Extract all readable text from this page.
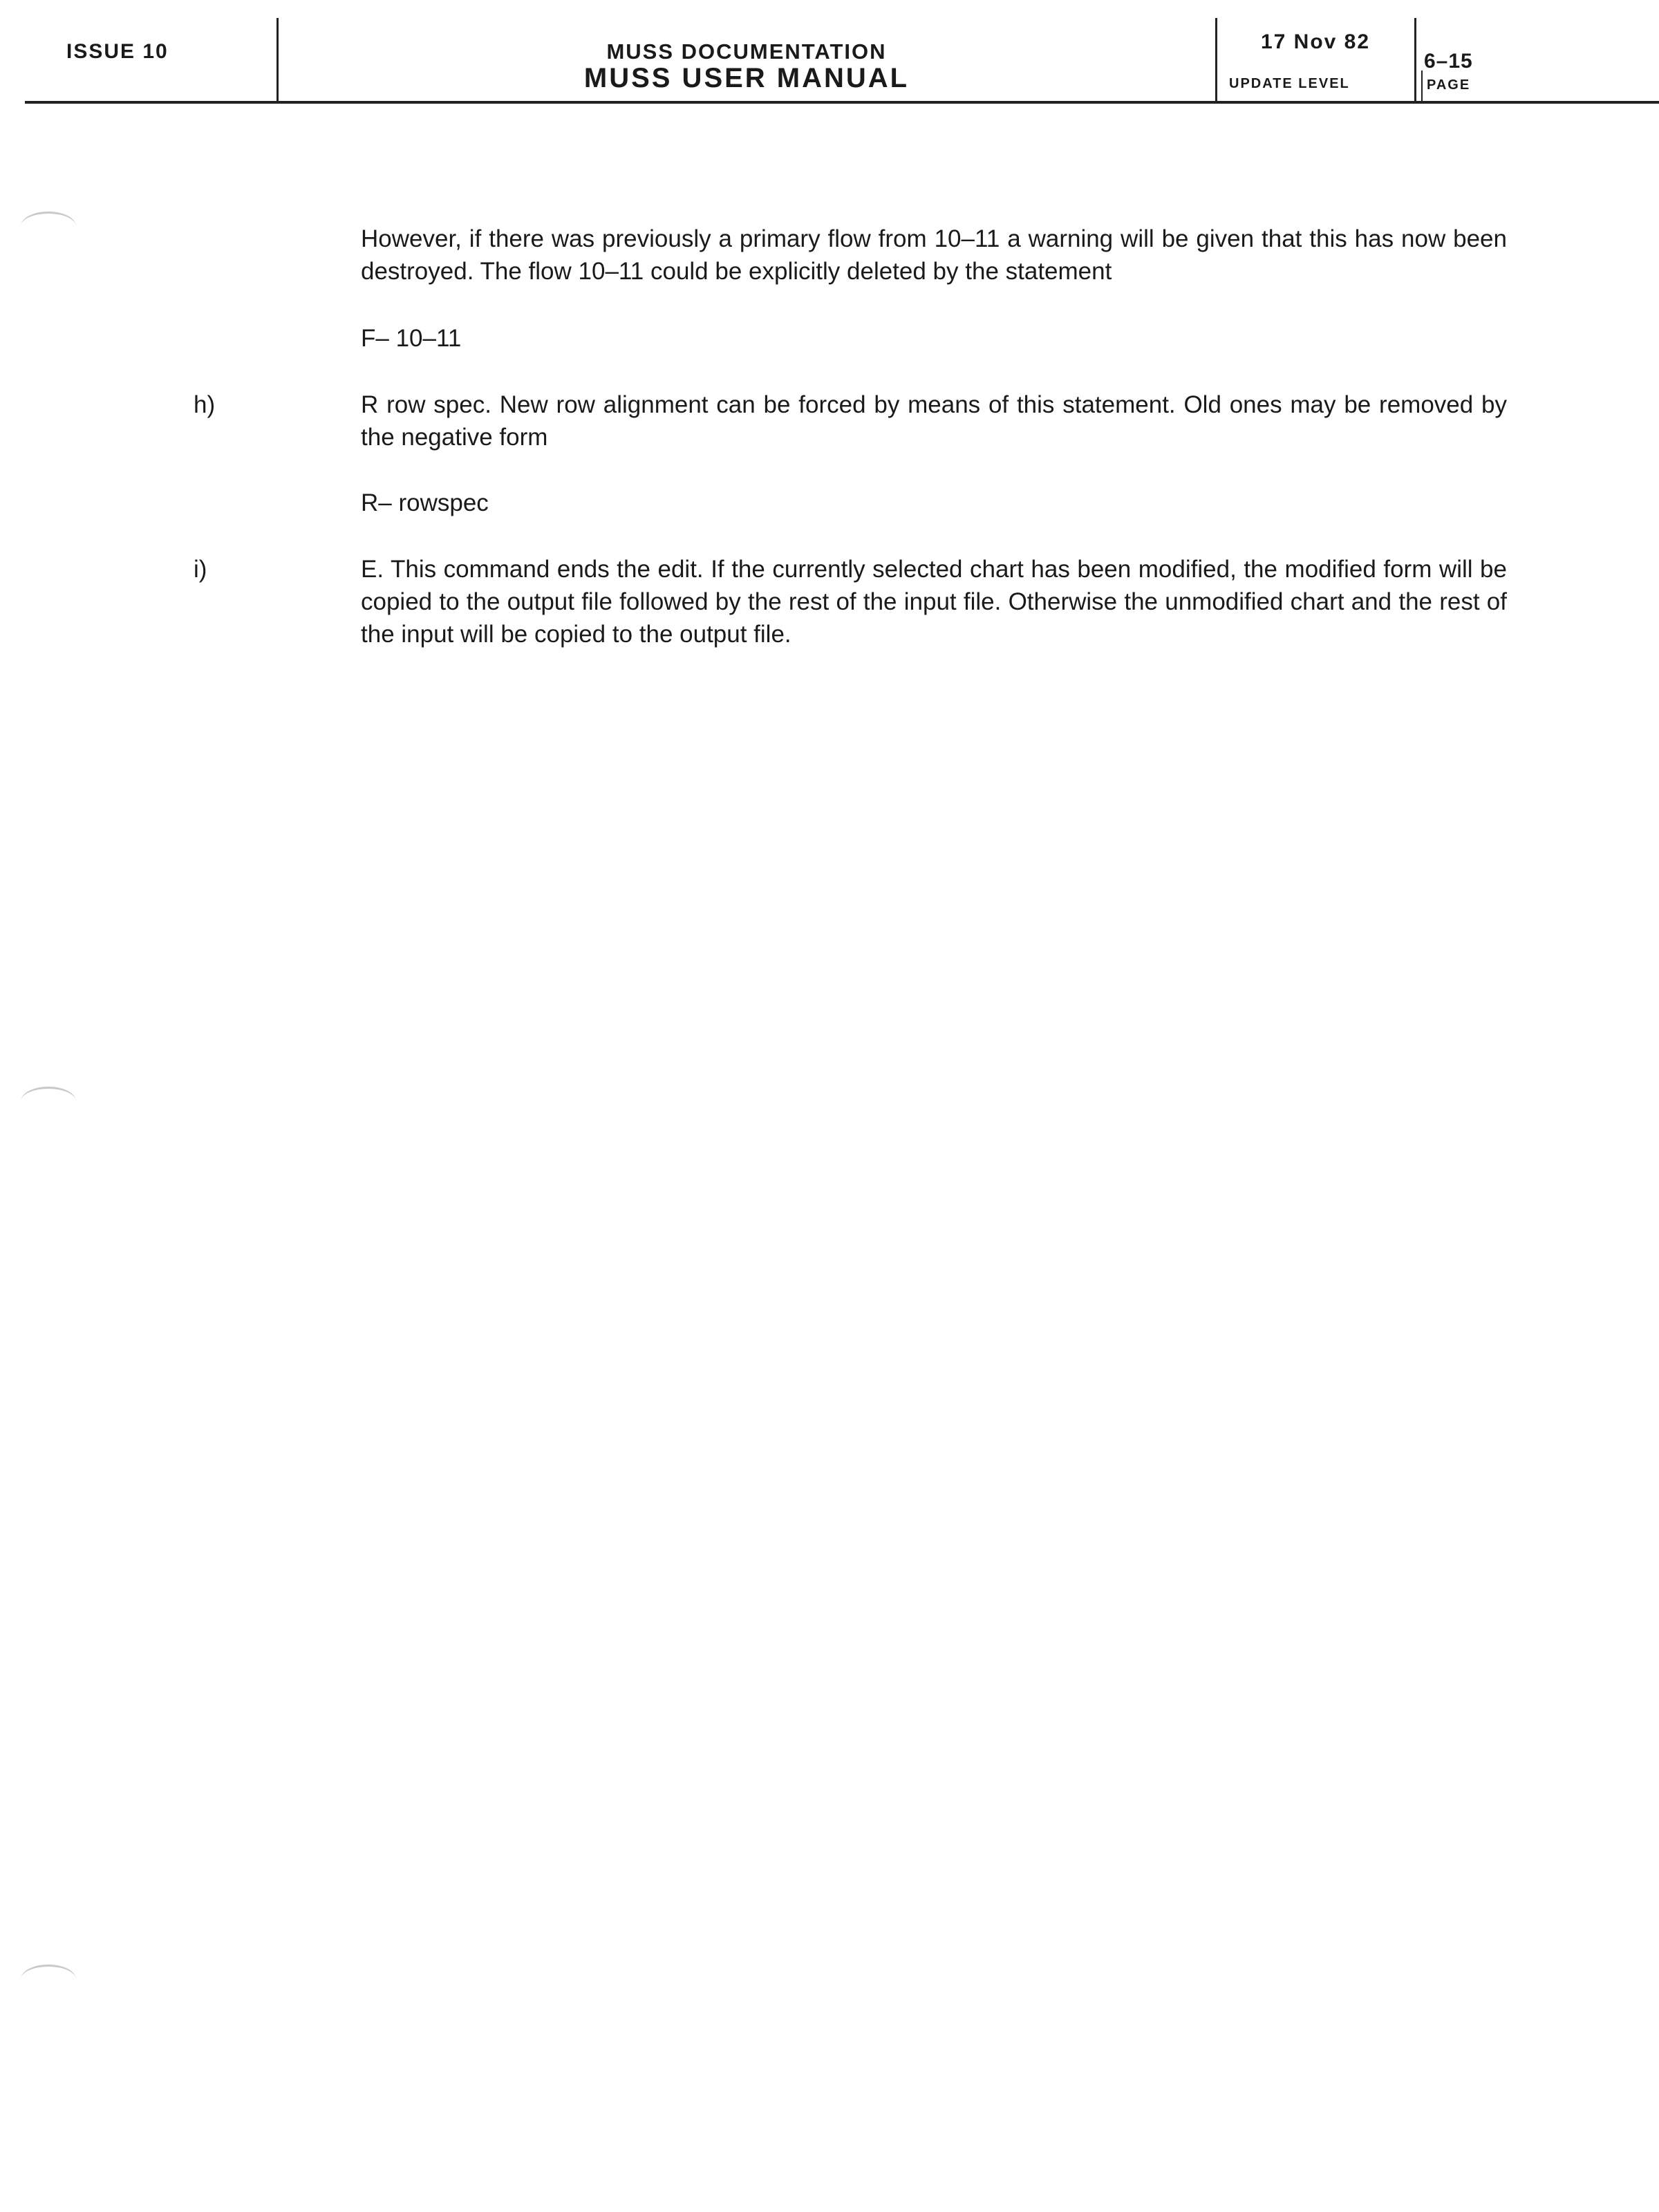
ISSUE 10	MUSS DOCUMENTATION
MUSS USER MANUAL
17 Nov 82
UPDATE LEVEL
6–15
PAGE
However, if there was previously a primary flow from 10–11 a warning will be given that this has now been destroyed. The flow 10–11 could be explicitly deleted by the statement
F– 10–11
h)	R row spec. New row alignment can be forced by means of this statement. Old ones may be removed by the negative form
R– rowspec
i)	E. This command ends the edit. If the currently selected chart has been modified, the modified form will be copied to the output file followed by the rest of the input file. Otherwise the unmodified chart and the rest of the input will be copied to the output file.
